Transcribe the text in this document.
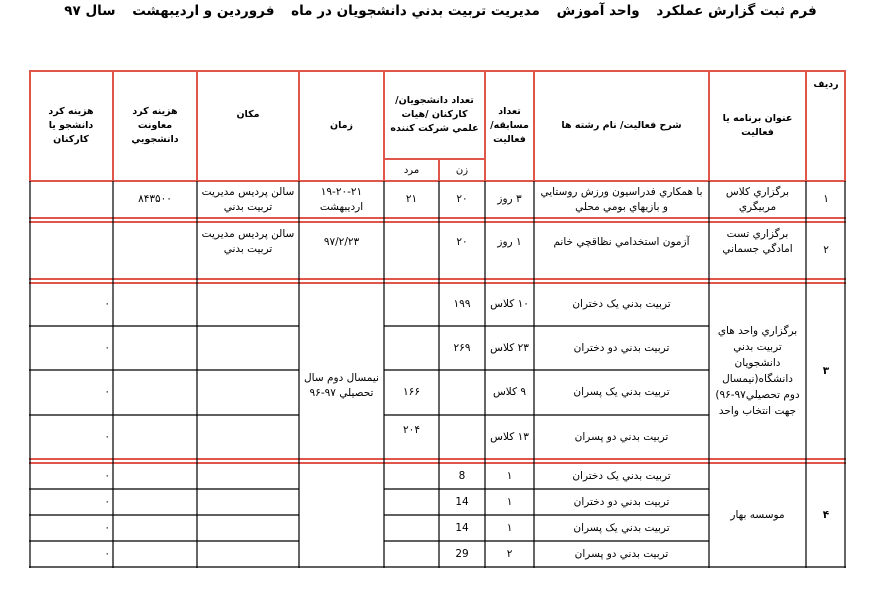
فرم ثبت گزارش عملکرد واحد آموزش مديريت تربيت بدني دانشجويان در ماه فروردين و ارديبهشت سال ۹۷
رديف
عنوان برنامه يا فعاليت
شرح فعاليت/ نام رشته ها
تعداد مسابقه/ فعاليت
تعداد دانشجويان/ کارکنان /هيات علمي شرکت کننده
زن
مرد
زمان
مکان
هزينه کرد معاونت دانشجويي
هزينه کرد دانشجو يا کارکنان
۱
برگزاري کلاس مربيگري
با همکاري فدراسيون ورزش روستايي و بازيهاي بومي محلي
۳ روز
۲۰
۲۱
۱۹-۲۰-۲۱ ارديبهشت
سالن پرديس مديريت تربيت بدني
۸۴۳۵۰۰
۲
برگزاري تست امادگي جسماني
آزمون استخدامي نظاقچي خانم
۱ روز
۲۰
۹۷/۲/۲۳
سالن پرديس مديريت تربيت بدني
۳
برگزاري واحد هاي تربيت بدني دانشجويان دانشگاه(نيمسال دوم تحصيلي۹۷-۹۶) جهت انتخاب واحد
نيمسال دوم سال تحصيلي ۹۷-۹۶
تربيت بدني يک دختران
۱۰ کلاس
۱۹۹
۰
تربيت بدني دو دختران
۲۳ کلاس
۲۶۹
۰
تربيت بدني يک پسران
۹ کلاس
۱۶۶
۰
تربيت بدني دو پسران
۱۳ کلاس
۲۰۴
۰
۴
موسسه بهار
تربيت بدني يک دختران
۱
8
۰
تربيت بدني دو دختران
۱
14
۰
تربيت بدني يک پسران
۱
14
۰
تربيت بدني دو پسران
۲
29
۰
